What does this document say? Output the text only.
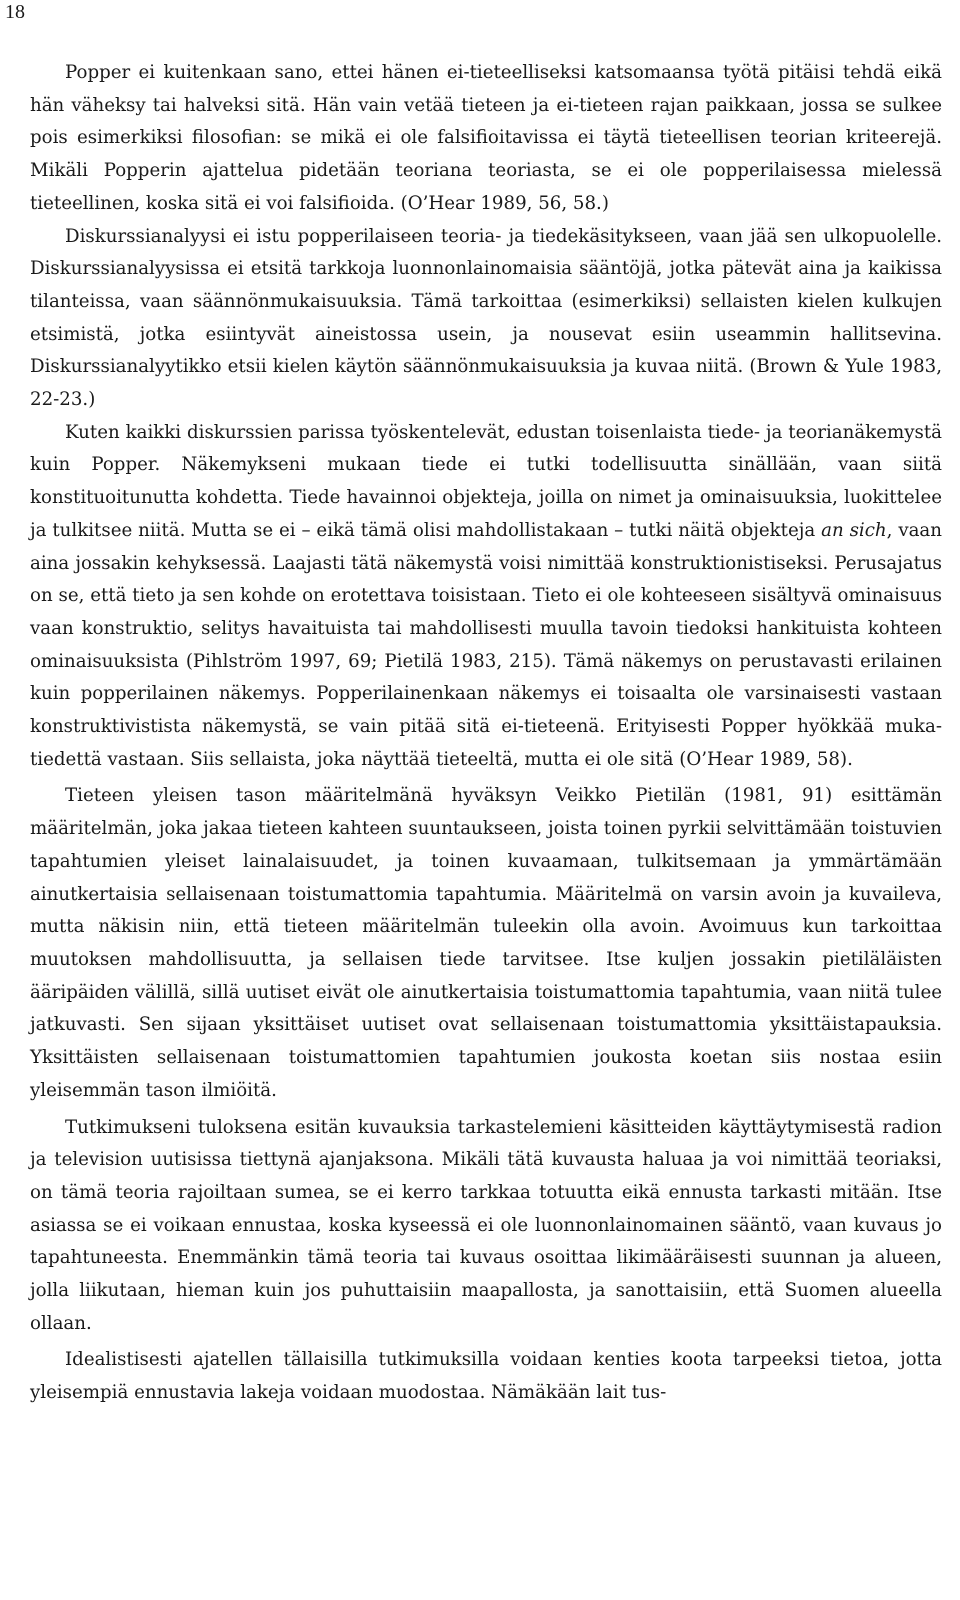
18

Popper ei kuitenkaan sano, ettei hänen ei-tieteelliseksi katsomaansa työtä pitäisi tehdä eikä hän väheksy tai halveksi sitä. Hän vain vetää tieteen ja ei-tieteen rajan paikkaan, jossa se sulkee pois esimerkiksi filosofian: se mikä ei ole falsifioitavissa ei täytä tieteellisen teorian kriteerejä. Mikäli Popperin ajattelua pidetään teoriana teoriasta, se ei ole popperilaisessa mielessä tieteellinen, koska sitä ei voi falsifioida. (O’Hear 1989, 56, 58.)

Diskurssianalyysi ei istu popperilaiseen teoria- ja tiedekäsitykseen, vaan jää sen ulkopuolelle. Diskurssianalyysissa ei etsitä tarkkoja luonnonlainomaisia sääntöjä, jotka pätevät aina ja kaikissa tilanteissa, vaan säännönmukaisuuksia. Tämä tarkoittaa (esimerkiksi) sellaisten kielen kulkujen etsimistä, jotka esiintyvät aineistossa usein, ja nousevat esiin useammin hallitsevina. Diskurssianalyytikko etsii kielen käytön säännönmukaisuuksia ja kuvaa niitä. (Brown & Yule 1983, 22-23.)

Kuten kaikki diskurssien parissa työskentelevät, edustan toisenlaista tiede- ja teorianäkemystä kuin Popper. Näkemykseni mukaan tiede ei tutki todellisuutta sinällään, vaan siitä konstituoitunutta kohdetta. Tiede havainnoi objekteja, joilla on nimet ja ominaisuuksia, luokittelee ja tulkitsee niitä. Mutta se ei – eikä tämä olisi mahdollistakaan – tutki näitä objekteja an sich, vaan aina jossakin kehyksessä. Laajasti tätä näkemystä voisi nimittää konstruktionistiseksi. Perusajatus on se, että tieto ja sen kohde on erotettava toisistaan. Tieto ei ole kohteeseen sisältyvä ominaisuus vaan konstruktio, selitys havaituista tai mahdollisesti muulla tavoin tiedoksi hankituista kohteen ominaisuuksista (Pihlström 1997, 69; Pietilä 1983, 215). Tämä näkemys on perustavasti erilainen kuin popperilainen näkemys. Popperilainenkaan näkemys ei toisaalta ole varsinaisesti vastaan konstruktivistista näkemystä, se vain pitää sitä ei-tieteenä. Erityisesti Popper hyökkää muka-tiedettä vastaan. Siis sellaista, joka näyttää tieteeltä, mutta ei ole sitä (O’Hear 1989, 58).

Tieteen yleisen tason määritelmänä hyväksyn Veikko Pietilän (1981, 91) esittämän määritelmän, joka jakaa tieteen kahteen suuntaukseen, joista toinen pyrkii selvittämään toistuvien tapahtumien yleiset lainalaisuudet, ja toinen kuvaamaan, tulkitsemaan ja ymmärtämään ainutkertaisia sellaisenaan toistumattomia tapahtumia. Määritelmä on varsin avoin ja kuvaileva, mutta näkisin niin, että tieteen määritelmän tuleekin olla avoin. Avoimuus kun tarkoittaa muutoksen mahdollisuutta, ja sellaisen tiede tarvitsee. Itse kuljen jossakin pietiläläisten ääripäiden välillä, sillä uutiset eivät ole ainutkertaisia toistumattomia tapahtumia, vaan niitä tulee jatkuvasti. Sen sijaan yksittäiset uutiset ovat sellaisenaan toistumattomia yksittäistapauksia. Yksittäisten sellaisenaan toistumattomien tapahtumien joukosta koetan siis nostaa esiin yleisemmän tason ilmiöitä.

Tutkimukseni tuloksena esitän kuvauksia tarkastelemieni käsitteiden käyttäytymisestä radion ja television uutisissa tiettynä ajanjaksona. Mikäli tätä kuvausta haluaa ja voi nimittää teoriaksi, on tämä teoria rajoiltaan sumea, se ei kerro tarkkaa totuutta eikä ennusta tarkasti mitään. Itse asiassa se ei voikaan ennustaa, koska kyseessä ei ole luonnonlainomainen sääntö, vaan kuvaus jo tapahtuneesta. Enemmänkin tämä teoria tai kuvaus osoittaa likimääräisesti suunnan ja alueen, jolla liikutaan, hieman kuin jos puhuttaisiin maapallosta, ja sanottaisiin, että Suomen alueella ollaan.

Idealistisesti ajatellen tällaisilla tutkimuksilla voidaan kenties koota tarpeeksi tietoa, jotta yleisempiä ennustavia lakeja voidaan muodostaa. Nämäkään lait tus-
